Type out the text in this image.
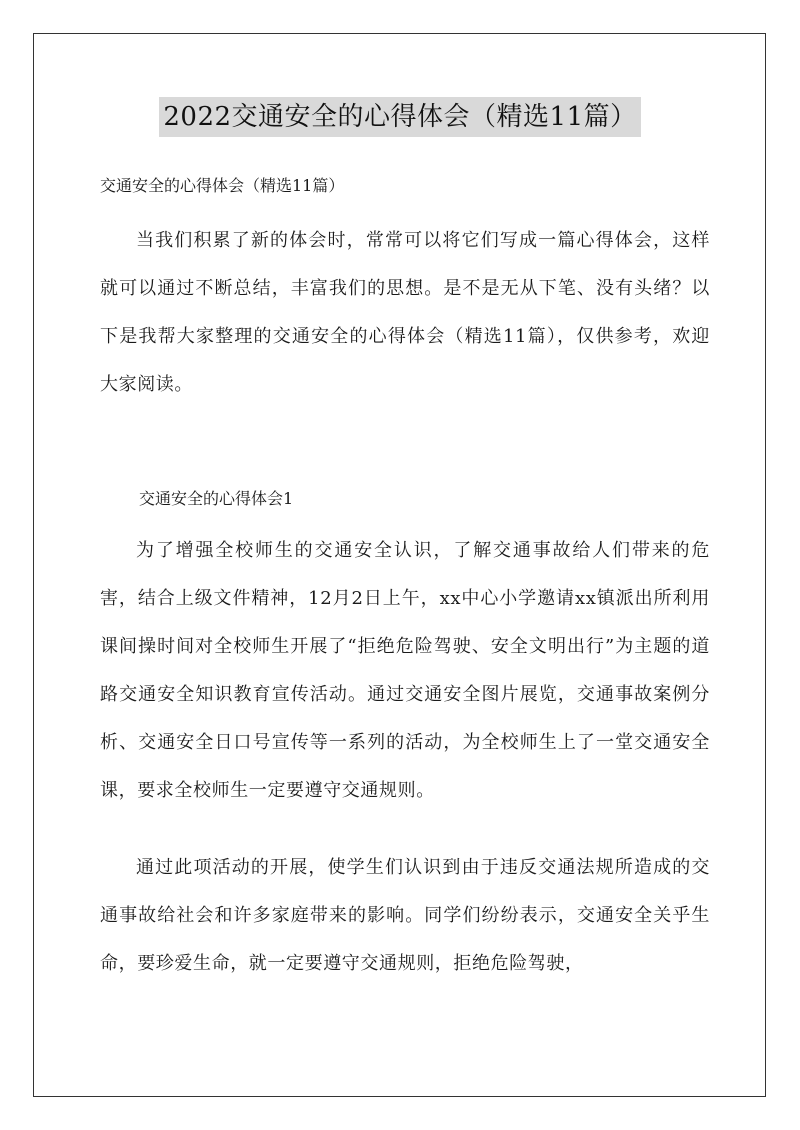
2022交通安全的心得体会（精选11篇）
交通安全的心得体会（精选11篇）

当我们积累了新的体会时，常常可以将它们写成一篇心得体会，这样就可以通过不断总结，丰富我们的思想。是不是无从下笔、没有头绪？以下是我帮大家整理的交通安全的心得体会（精选11篇），仅供参考，欢迎大家阅读。

交通安全的心得体会1

为了增强全校师生的交通安全认识，了解交通事故给人们带来的危害，结合上级文件精神，12月2日上午，xx中心小学邀请xx镇派出所利用课间操时间对全校师生开展了“拒绝危险驾驶、安全文明出行”为主题的道路交通安全知识教育宣传活动。通过交通安全图片展览，交通事故案例分析、交通安全日口号宣传等一系列的活动，为全校师生上了一堂交通安全课，要求全校师生一定要遵守交通规则。

通过此项活动的开展，使学生们认识到由于违反交通法规所造成的交通事故给社会和许多家庭带来的影响。同学们纷纷表示，交通安全关乎生命，要珍爱生命，就一定要遵守交通规则，拒绝危险驾驶，
